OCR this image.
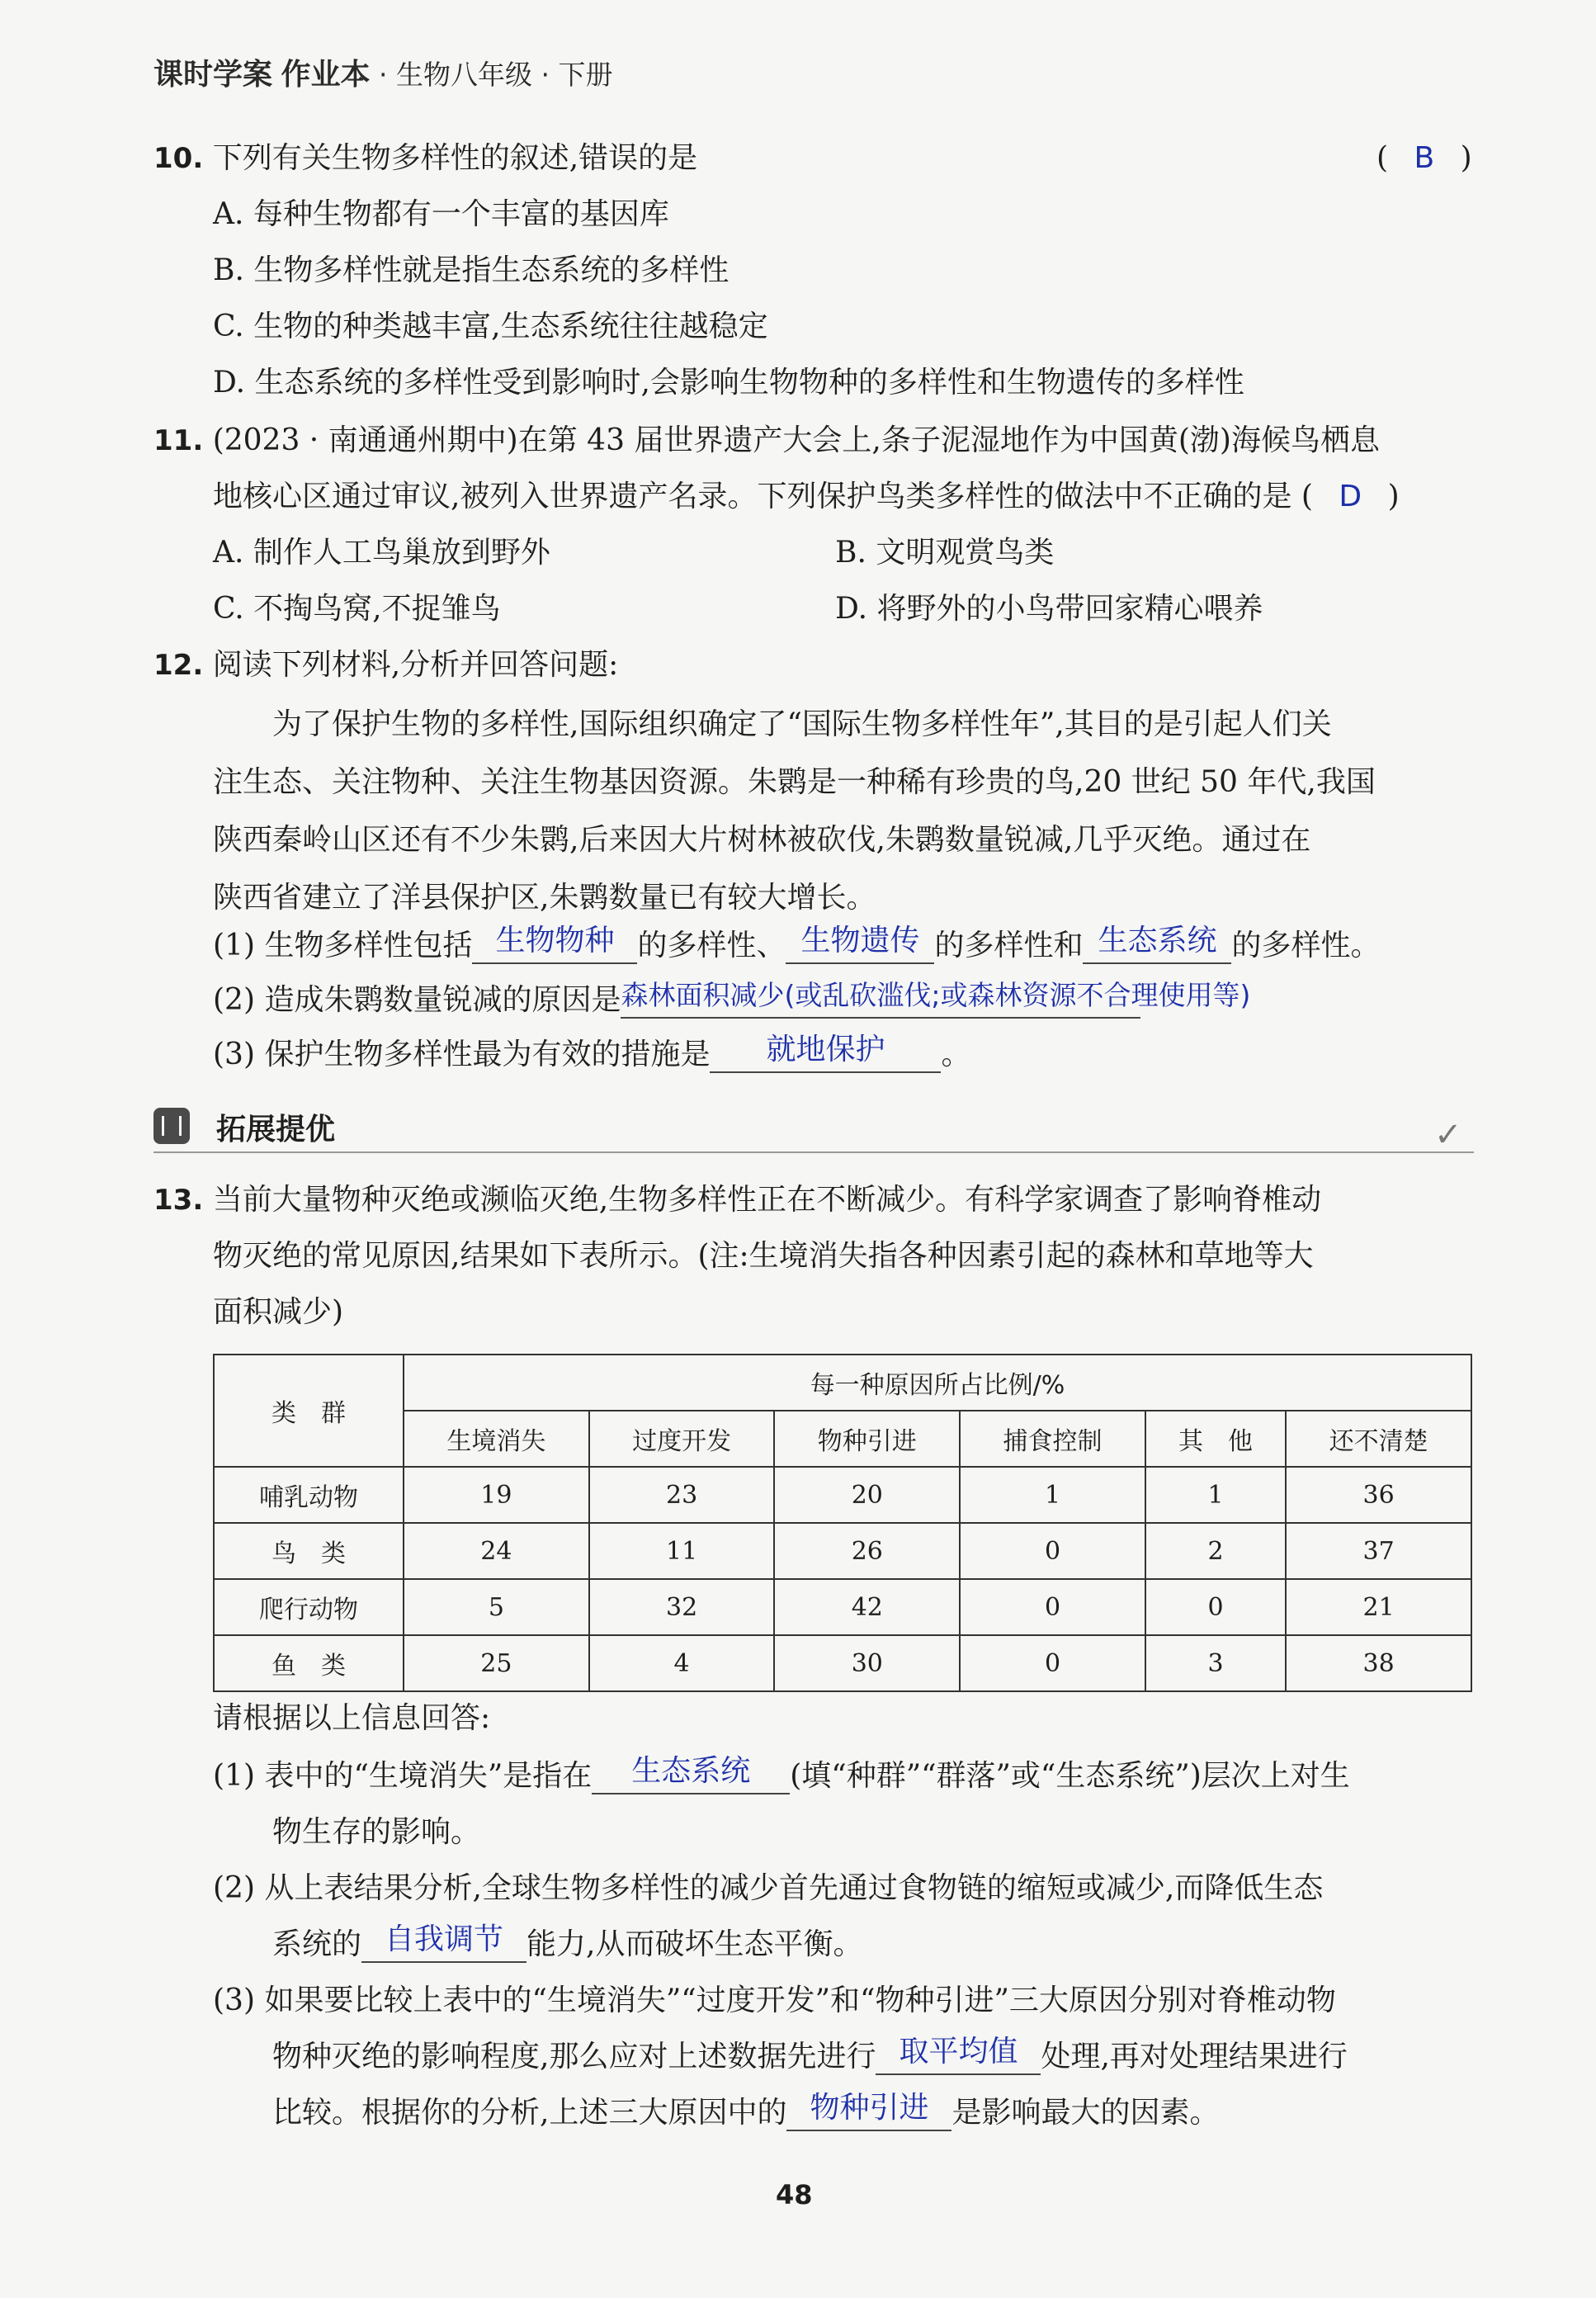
课时学案 作业本 · 生物八年级 · 下册
10. 下列有关生物多样性的叙述,错误的是	( B )
A. 每种生物都有一个丰富的基因库
B. 生物多样性就是指生态系统的多样性
C. 生物的种类越丰富,生态系统往往越稳定
D. 生态系统的多样性受到影响时,会影响生物物种的多样性和生物遗传的多样性
11. (2023 · 南通通州期中)在第 43 届世界遗产大会上,条子泥湿地作为中国黄(渤)海候鸟栖息
地核心区通过审议,被列入世界遗产名录。下列保护鸟类多样性的做法中不正确的是 ( D )
A. 制作人工鸟巢放到野外	B. 文明观赏鸟类
C. 不掏鸟窝,不捉雏鸟	D. 将野外的小鸟带回家精心喂养
12. 阅读下列材料,分析并回答问题:
为了保护生物的多样性,国际组织确定了“国际生物多样性年”,其目的是引起人们关
注生态、关注物种、关注生物基因资源。朱鹮是一种稀有珍贵的鸟,20 世纪 50 年代,我国
陕西秦岭山区还有不少朱鹮,后来因大片树林被砍伐,朱鹮数量锐减,几乎灭绝。通过在
陕西省建立了洋县保护区,朱鹮数量已有较大增长。
(1) 生物多样性包括 生物物种 的多样性、 生物遗传 的多样性和 生态系统 的多样性。
(2) 造成朱鹮数量锐减的原因是森林面积减少(或乱砍滥伐;或森林资源不合理使用等)
(3) 保护生物多样性最为有效的措施是 就地保护 。
拓展提优	✓
13. 当前大量物种灭绝或濒临灭绝,生物多样性正在不断减少。有科学家调查了影响脊椎动
物灭绝的常见原因,结果如下表所示。(注:生境消失指各种因素引起的森林和草地等大
面积减少)
类　群	每一种原因所占比例/%					
	生境消失	过度开发	物种引进	捕食控制	其　他	还不清楚
哺乳动物	19	23	20	1	1	36
鸟　类	24	11	26	0	2	37
爬行动物	5	32	42	0	0	21
鱼　类	25	4	30	0	3	38
请根据以上信息回答:
(1) 表中的“生境消失”是指在 生态系统 (填“种群”“群落”或“生态系统”)层次上对生
物生存的影响。
(2) 从上表结果分析,全球生物多样性的减少首先通过食物链的缩短或减少,而降低生态
系统的 自我调节 能力,从而破坏生态平衡。
(3) 如果要比较上表中的“生境消失”“过度开发”和“物种引进”三大原因分别对脊椎动物
物种灭绝的影响程度,那么应对上述数据先进行 取平均值 处理,再对处理结果进行
比较。根据你的分析,上述三大原因中的 物种引进 是影响最大的因素。
48
